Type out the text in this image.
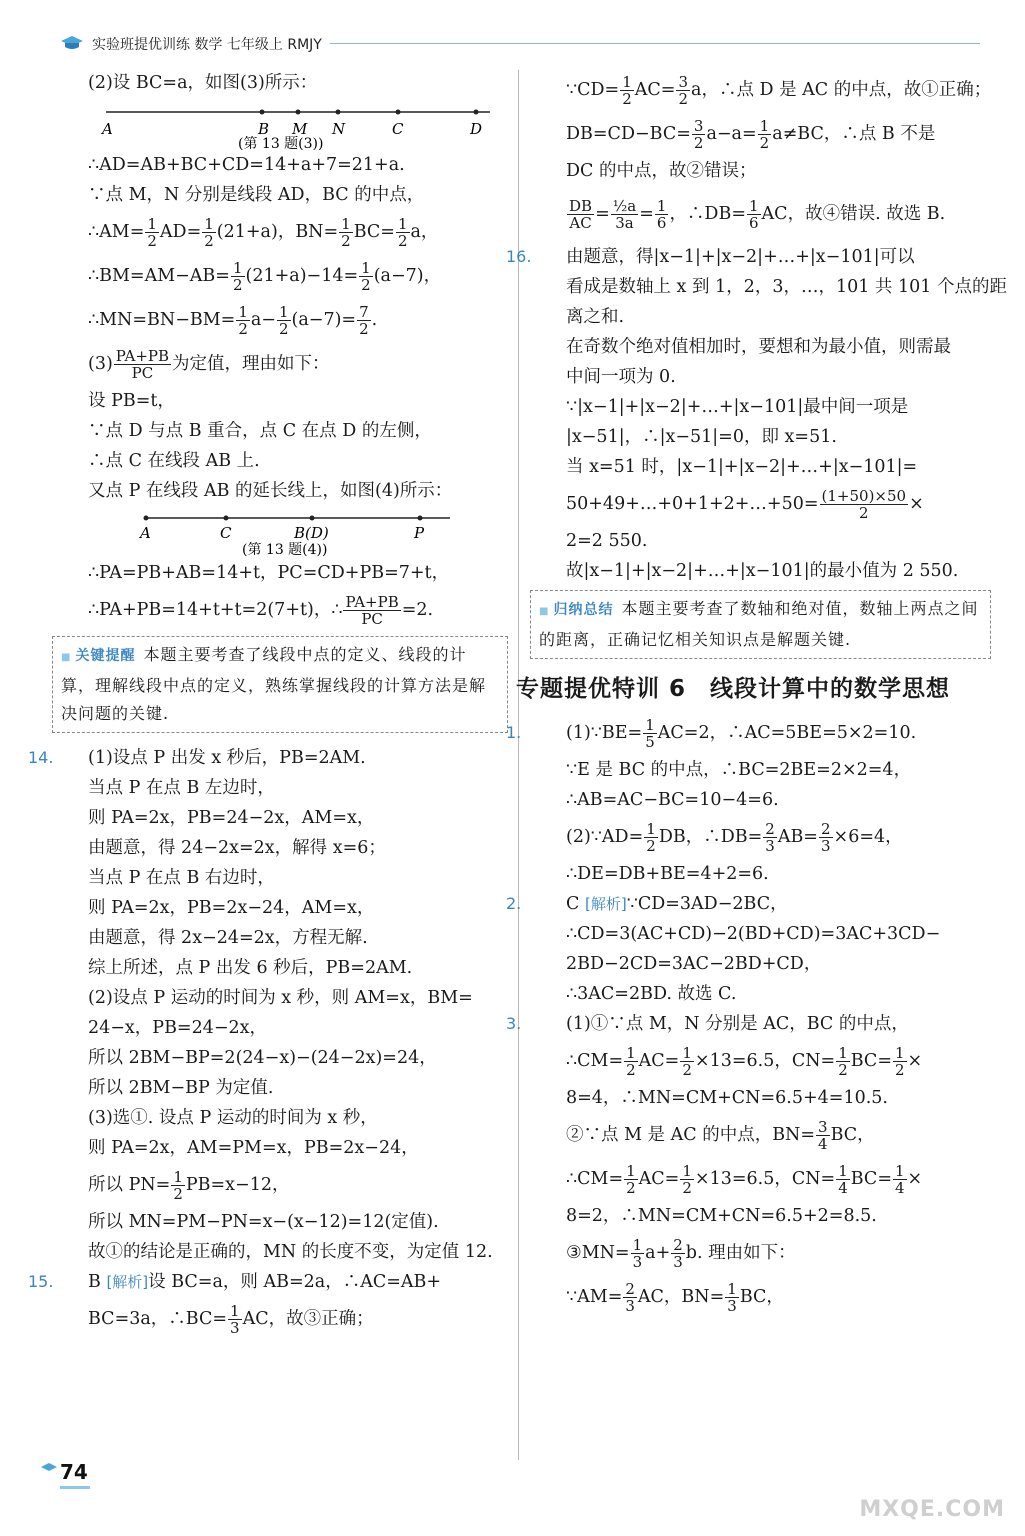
实验班提优训练 数学 七年级上 RMJY
(2)设 BC=a，如图(3)所示：
A	B M N	C	D
(第 13 题(3))
∴AD=AB+BC+CD=14+a+7=21+a.
∵点 M，N 分别是线段 AD，BC 的中点，
∴AM= $\frac{1}{2} AD= \frac{1}{2} (21+a)$，$BN= \frac{1}{2} BC= \frac{1}{2}$ a，
∴BM=AM−AB= $\frac{1}{2} (21+a)-14= \frac{1}{2} (a-7)$，
∴MN=BN−BM= $\frac{1}{2} a- \frac{1}{2} (a-7)= \frac{7}{2}$ .
$(3) \frac{PA+PB}{PC}$ 为定值，理由如下：
设 PB=t，
∵点 D 与点 B 重合，点 C 在点 D 的左侧，
∴点 C 在线段 AB 上.
又点 P 在线段 AB 的延长线上，如图(4)所示：
A	C	B(D)	P
(第 13 题(4))
∴PA=PB+AB=14+t，PC=CD+PB=7+t，
∴PA+PB=14+t+t=2(7+t)，∴ $\frac{PA+PB}{PC} =2$.
■ 关键提醒 本题主要考查了线段中点的定义、线段的计算，理解线段中点的定义，熟练掌握线段的计算方法是解决问题的关键.
14. (1)设点 P 出发 x 秒后，PB=2AM.
当点 P 在点 B 左边时，
则 PA=2x，PB=24−2x，AM=x，
由题意，得 24−2x=2x，解得 x=6；
当点 P 在点 B 右边时，
则 PA=2x，PB=2x−24，AM=x，
由题意，得 2x−24=2x，方程无解.
综上所述，点 P 出发 6 秒后，PB=2AM.
(2)设点 P 运动的时间为 x 秒，则 AM=x，BM=
24−x，PB=24−2x，
所以 2BM−BP=2(24−x)−(24−2x)=24，
所以 2BM−BP 为定值.
(3)选①. 设点 P 运动的时间为 x 秒，
则 PA=2x，AM=PM=x，PB=2x−24，
所以 $PN= \frac{1}{2} PB=x-12$，
所以 MN=PM−PN=x−(x−12)=12(定值).
故①的结论是正确的，MN 的长度不变，为定值 12.
15. B [解析]设 BC=a，则 AB=2a，∴AC=AB+
BC=3a，∴BC= $\frac{1}{3}$ AC，故③正确；
∵CD= $\frac{1}{2} AC= \frac{3}{2}$ a，∴点 D 是 AC 的中点，故①正确；
$DB=CD-BC= \frac{3}{2} a-a= \frac{1}{2} a\ne BC$，∴点 B 不是
DC 的中点，故②错误；
$\frac{DB}{AC} = \frac{\text{½a}}{3a} = \frac{1}{6}$ ，∴DB= $\frac{1}{6}$ AC，故④错误. 故选 B.
16. 由题意，得|x−1|+|x−2|+…+|x−101|可以
看成是数轴上 x 到 1，2，3，…，101 共 101 个点的距
离之和.
在奇数个绝对值相加时，要想和为最小值，则需最
中间一项为 0.
∵|x−1|+|x−2|+…+|x−101|最中间一项是
|x−51|，∴|x−51|=0，即 x=51.
当 x=51 时，|x−1|+|x−2|+…+|x−101|=
50+49+…+0+1+2+…+50= $\frac{(1+50)\times 50}{2}$ ×
2=2 550.
故|x−1|+|x−2|+…+|x−101|的最小值为 2 550.
■ 归纳总结 本题主要考查了数轴和绝对值，数轴上两点之间的距离，正确记忆相关知识点是解题关键.
专题提优特训 6　线段计算中的数学思想
1.	(1)∵BE= $\frac{1}{5} AC=2$，∴AC=5BE=5×2=10.
∵E 是 BC 的中点，∴BC=2BE=2×2=4，
∴AB=AC−BC=10−4=6.
(2)∵AD= $\frac{1}{2}$ DB，∴DB= $\frac{2}{3} AB= \frac{2}{3} \times 6=4$，
∴DE=DB+BE=4+2=6.
2.	C [解析]∵CD=3AD−2BC，
∴CD=3(AC+CD)−2(BD+CD)=3AC+3CD−
2BD−2CD=3AC−2BD+CD，
∴3AC=2BD. 故选 C.
3.	(1)①∵点 M，N 分别是 AC，BC 的中点，
∴CM= $\frac{1}{2} AC= \frac{1}{2} \times 13=6.5$，$CN= \frac{1}{2} BC= \frac{1}{2}$ ×
8=4，∴MN=CM+CN=6.5+4=10.5.
②∵点 M 是 AC 的中点，$BN= \frac{3}{4}$ BC，
∴CM= $\frac{1}{2} AC= \frac{1}{2} \times 13=6.5$，$CN= \frac{1}{4} BC= \frac{1}{4}$ ×
8=2，∴MN=CM+CN=6.5+2=8.5.
③MN= $\frac{1}{3} a+ \frac{2}{3} b$. 理由如下：
∵AM= $\frac{2}{3}$ AC，$BN= \frac{1}{3}$ BC，
74
MXQE.COM
